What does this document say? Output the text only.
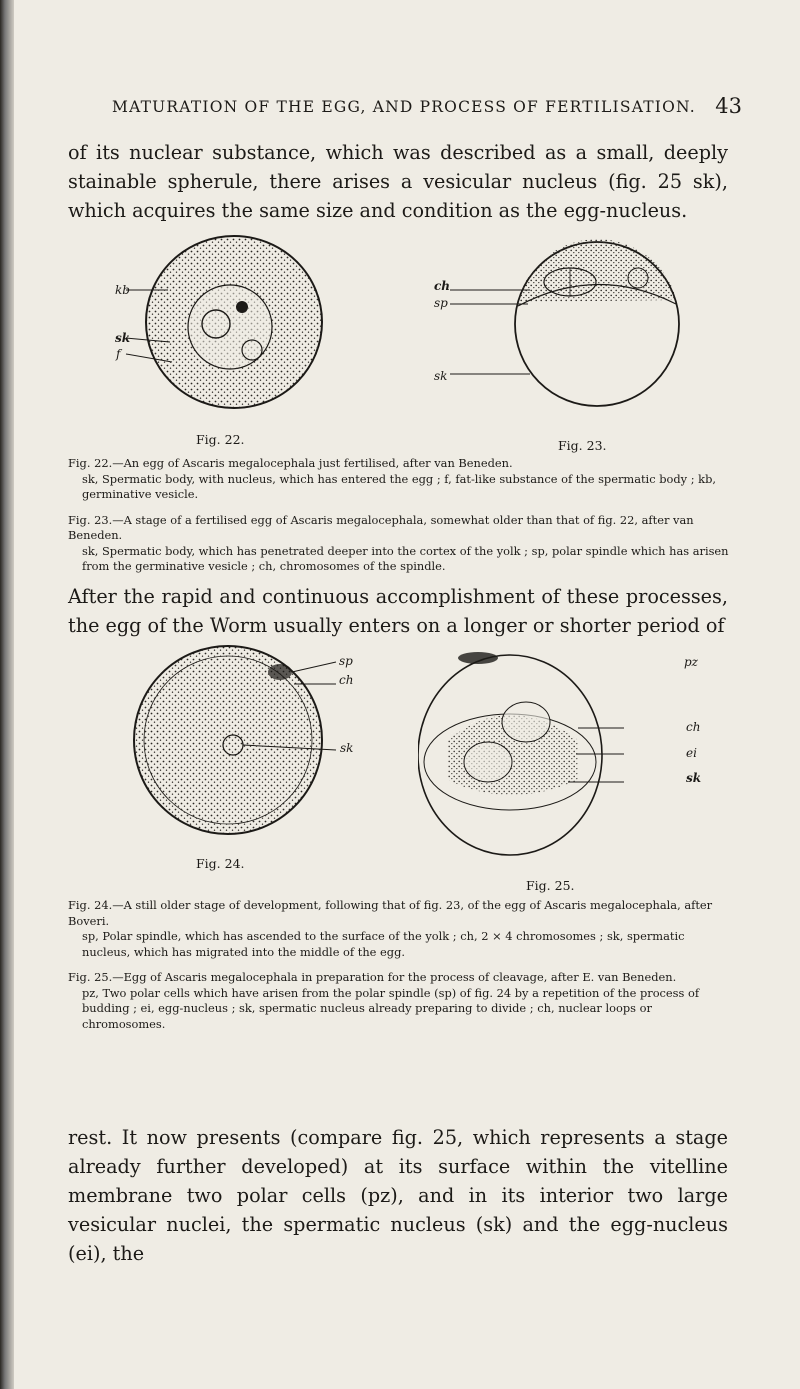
MATURATION OF THE EGG, AND PROCESS OF FERTILISATION. 43

of its nuclear substance, which was described as a small, deeply stainable spherule, there arises a vesicular nucleus (fig. 25 sk), which acquires the same size and condition as the egg-nucleus.

kb
sk
f
Fig. 22.
ch
sp
sk
Fig. 23.
Fig. 22.—An egg of Ascaris megalocephala just fertilised, after van Beneden.
sk, Spermatic body, with nucleus, which has entered the egg ; f, fat-like substance of the spermatic body ; kb, germinative vesicle.
Fig. 23.—A stage of a fertilised egg of Ascaris megalocephala, somewhat older than that of fig. 22, after van Beneden.
sk, Spermatic body, which has penetrated deeper into the cortex of the yolk ; sp, polar spindle which has arisen from the germinative vesicle ; ch, chromosomes of the spindle.

After the rapid and continuous accomplishment of these processes, the egg of the Worm usually enters on a longer or shorter period of

sp
ch
sk
Fig. 24.
pz
ch
ei
sk
Fig. 25.
Fig. 24.—A still older stage of development, following that of fig. 23, of the egg of Ascaris megalocephala, after Boveri.
sp, Polar spindle, which has ascended to the surface of the yolk ; ch, 2 × 4 chromosomes ; sk, spermatic nucleus, which has migrated into the middle of the egg.
Fig. 25.—Egg of Ascaris megalocephala in preparation for the process of cleavage, after E. van Beneden.
pz, Two polar cells which have arisen from the polar spindle (sp) of fig. 24 by a repetition of the process of budding ; ei, egg-nucleus ; sk, spermatic nucleus already preparing to divide ; ch, nuclear loops or chromosomes.

rest. It now presents (compare fig. 25, which represents a stage already further developed) at its surface within the vitelline membrane two polar cells (pz), and in its interior two large vesicular nuclei, the spermatic nucleus (sk) and the egg-nucleus (ei), the
